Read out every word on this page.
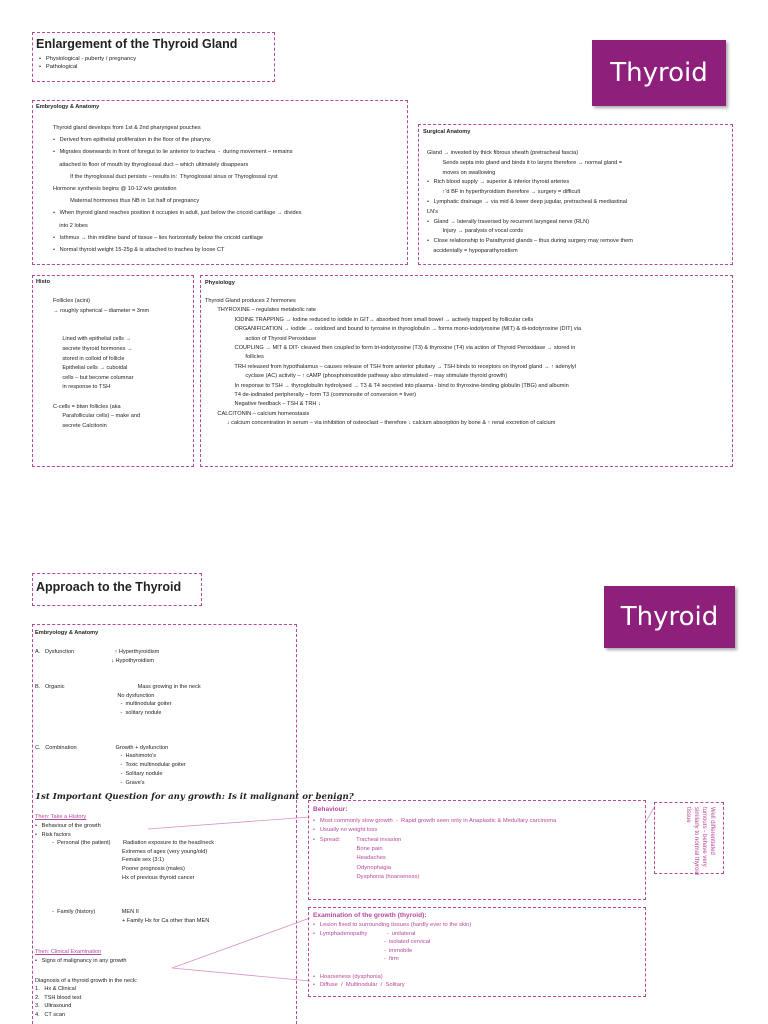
Enlargement of the Thyroid Gland
•   Physiological - puberty / pregnancy
•   Pathological	Thyroid
Embryology & Anatomy
Thyroid gland develops from 1st & 2nd pharyngeal pouches
•   Derived from epithelial proliferation in the floor of the pharynx
•   Migrates downwards in front of foregut to lie anterior to trachea  -  during movement – remains
attached to floor of mouth by thyroglossal duct – which ultimately disappears
If the thyroglossal duct persists – results in:  Thyroglossal sinus or Thyroglossal cyst
Hormone synthesis begins @ 10-12 w/o gestation
Maternal hormones thus NB in 1st half of pregnancy
•   When thyroid gland reaches position it occupies in adult, just below the cricoid cartilage → divides
into 2 lobes
•   Isthmus → thin midline band of tissue – lies horizontally below the cricoid cartilage
•   Normal thyroid weight 15-25g & is attached to trachea by loose CT
Surgical Anatomy
Gland → invested by thick fibrous sheath (pretracheal fascia)
Sends septa into gland and binds it to larynx therefore → normal gland =
moves on swallowing
•   Rich blood supply → superior & inferior thyroid arteries
↑'d BF in hyperthyroidism therefore → surgery = difficult
•   Lymphatic drainage → via mid & lower deep jugular, pretracheal & mediastinal
LN's
•   Gland → laterally traversed by recurrent laryngeal nerve (RLN)
Injury → paralysis of vocal cords
•   Close relationship to Parathyroid glands – thus during surgery may remove them
accidentally = hypoparathyroidism
Histo
Follicles (acini)
→ roughly spherical – diameter = 3mm
Lined with epithelial cells →
secrete thyroid hormones →
stored in colloid of follicle
Epithelial cells → cuboidal
cells – but become columnar
in response to TSH
C-cells = btwn follicles (aka
Parafollicular cells) – make and
secrete Calcitonin
Physiology
Thyroid Gland produces 2 hormones
THYROXINE – regulates metabolic rate
IODINE TRAPPING → Iodine reduced to iodide in GIT→ absorbed from small bowel → actively trapped by follicular cells
ORGANIFICATION → iodide → oxidized and bound to tyrosine in thyroglobulin → forms mono-iodotyrosine (MIT) & di-iodotyrosine (DIT) via
action of Thyroid Peroxidase
COUPLING → MIT & DIT- cleaved then coupled to form tri-iodotyrosine (T3) & thyroxine (T4) via action of Thyroid Peroxidase → stored in
follicles
TRH released from hypothalamus – causes release of TSH from anterior pituitary → TSH binds to receptors on thyroid gland → ↑ adenylyl
cyclase (AC) activity – ↑ cAMP (phosphoinositide pathway also stimulated – may stimulate thyroid growth)
In response to TSH → thyroglobulin hydrolysed → T3 & T4 secreted into plasma - bind to thyroxine-binding globulin (TBG) and albumin
T4 de-iodinated peripherally – form T3 (commonsite of conversion = liver)
Negative feedback – TSH & TRH ↓
CALCITONIN – calcium homeostasis
↓ calcium concentration in serum – via inhibition of osteoclast – therefore ↓ calcium absorption by bone & ↑ renal excretion of calcium
Approach to the Thyroid
Thyroid
Embryology & Anatomy
A.   Dysfunction                          ↑ Hyperthyroidism
↓ Hypothyroidism
B.   Organic                                               Mass growing in the neck
No dysfunction
-  multinodular goiter
-  solitary nodule
C.   Combination                         Growth + dysfunction
-  Hashimoto's
-  Toxic multinodular goiter
-  Solitary nodule
-  Grave's
1st Important Question for any growth: Is it malignant or benign?
Then: Take a History
•   Behaviour of the growth
•   Risk factors
-  Personal (the patient)        Radiation exposure to the head/neck
Extremes of ages (very young/old)
Female sex (3:1)
Poorer prognosis (males)
Hx of previous thyroid cancer
-  Family (history)                 MEN II
+ Family Hx for Ca other than MEN
Then: Clinical Examination
•   Signs of malignancy in any growth
Diagnosis of a thyroid growth in the neck:
1.   Hx & Clinical
2.   TSH blood test
3.   Ultrasound
4.   CT scan
Behaviour:
•   Most commonly slow growth  -  Rapid growth seen only in Anaplastic & Medullary carcinoma
•   Usually no weight loss
•   Spread:          Tracheal invasion
Bone pain
Headaches
Odynophagia
Dysphonia (hoarseness)
Examination of the growth (thyroid):
•   Lesion fixed to surrounding tissues (hardly ever to the skin)
•   Lymphadenopathy            -  unilateral
-  isolated cervical
-  immobile
-  firm
•   Hoarseness (dysphonia)
•   Diffuse  /  Multinodular  /  Solitary
Well differentiated
tumours - behave very
similarly to normal thyroid
tissue
